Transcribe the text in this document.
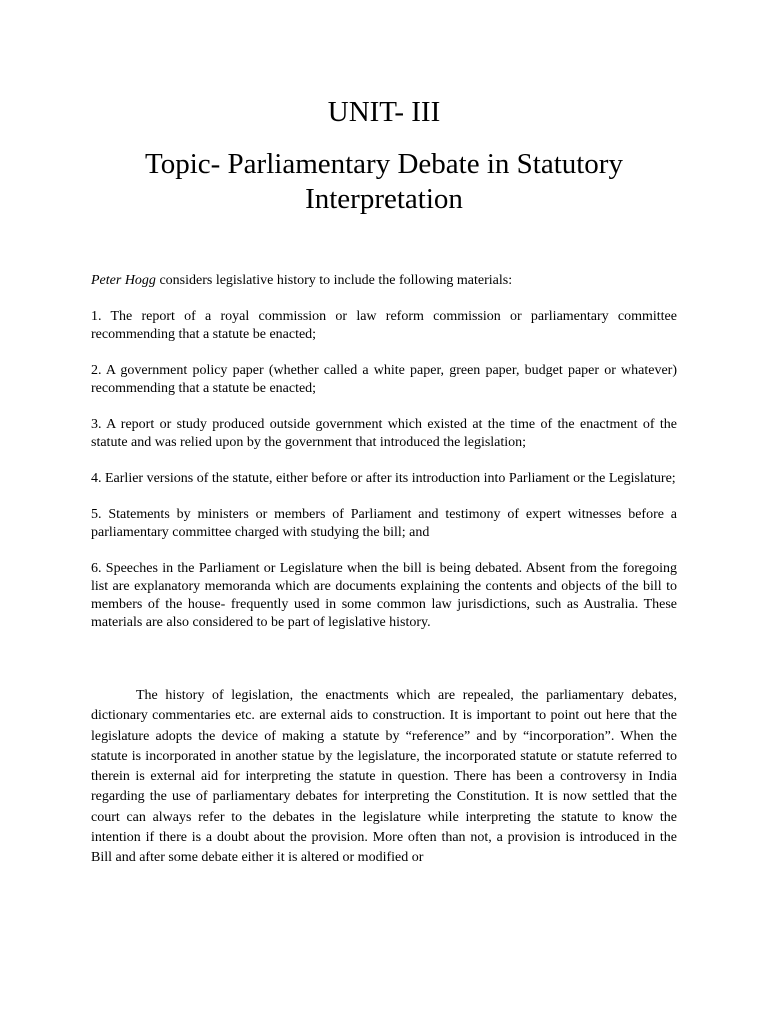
UNIT- III
Topic- Parliamentary Debate in Statutory Interpretation

Peter Hogg considers legislative history to include the following materials:

1. The report of a royal commission or law reform commission or parliamentary committee recommending that a statute be enacted;

2. A government policy paper (whether called a white paper, green paper, budget paper or whatever) recommending that a statute be enacted;

3. A report or study produced outside government which existed at the time of the enactment of the statute and was relied upon by the government that introduced the legislation;

4. Earlier versions of the statute, either before or after its introduction into Parliament or the Legislature;

5. Statements by ministers or members of Parliament and testimony of expert witnesses before a parliamentary committee charged with studying the bill; and

6. Speeches in the Parliament or Legislature when the bill is being debated. Absent from the foregoing list are explanatory memoranda which are documents explaining the contents and objects of the bill to members of the house- frequently used in some common law jurisdictions, such as Australia. These materials are also considered to be part of legislative history.

The history of legislation, the enactments which are repealed, the parliamentary debates, dictionary commentaries etc. are external aids to construction. It is important to point out here that the legislature adopts the device of making a statute by “reference” and by “incorporation”. When the statute is incorporated in another statue by the legislature, the incorporated statute or statute referred to therein is external aid for interpreting the statute in question. There has been a controversy in India regarding the use of parliamentary debates for interpreting the Constitution. It is now settled that the court can always refer to the debates in the legislature while interpreting the statute to know the intention if there is a doubt about the provision. More often than not, a provision is introduced in the Bill and after some debate either it is altered or modified or
